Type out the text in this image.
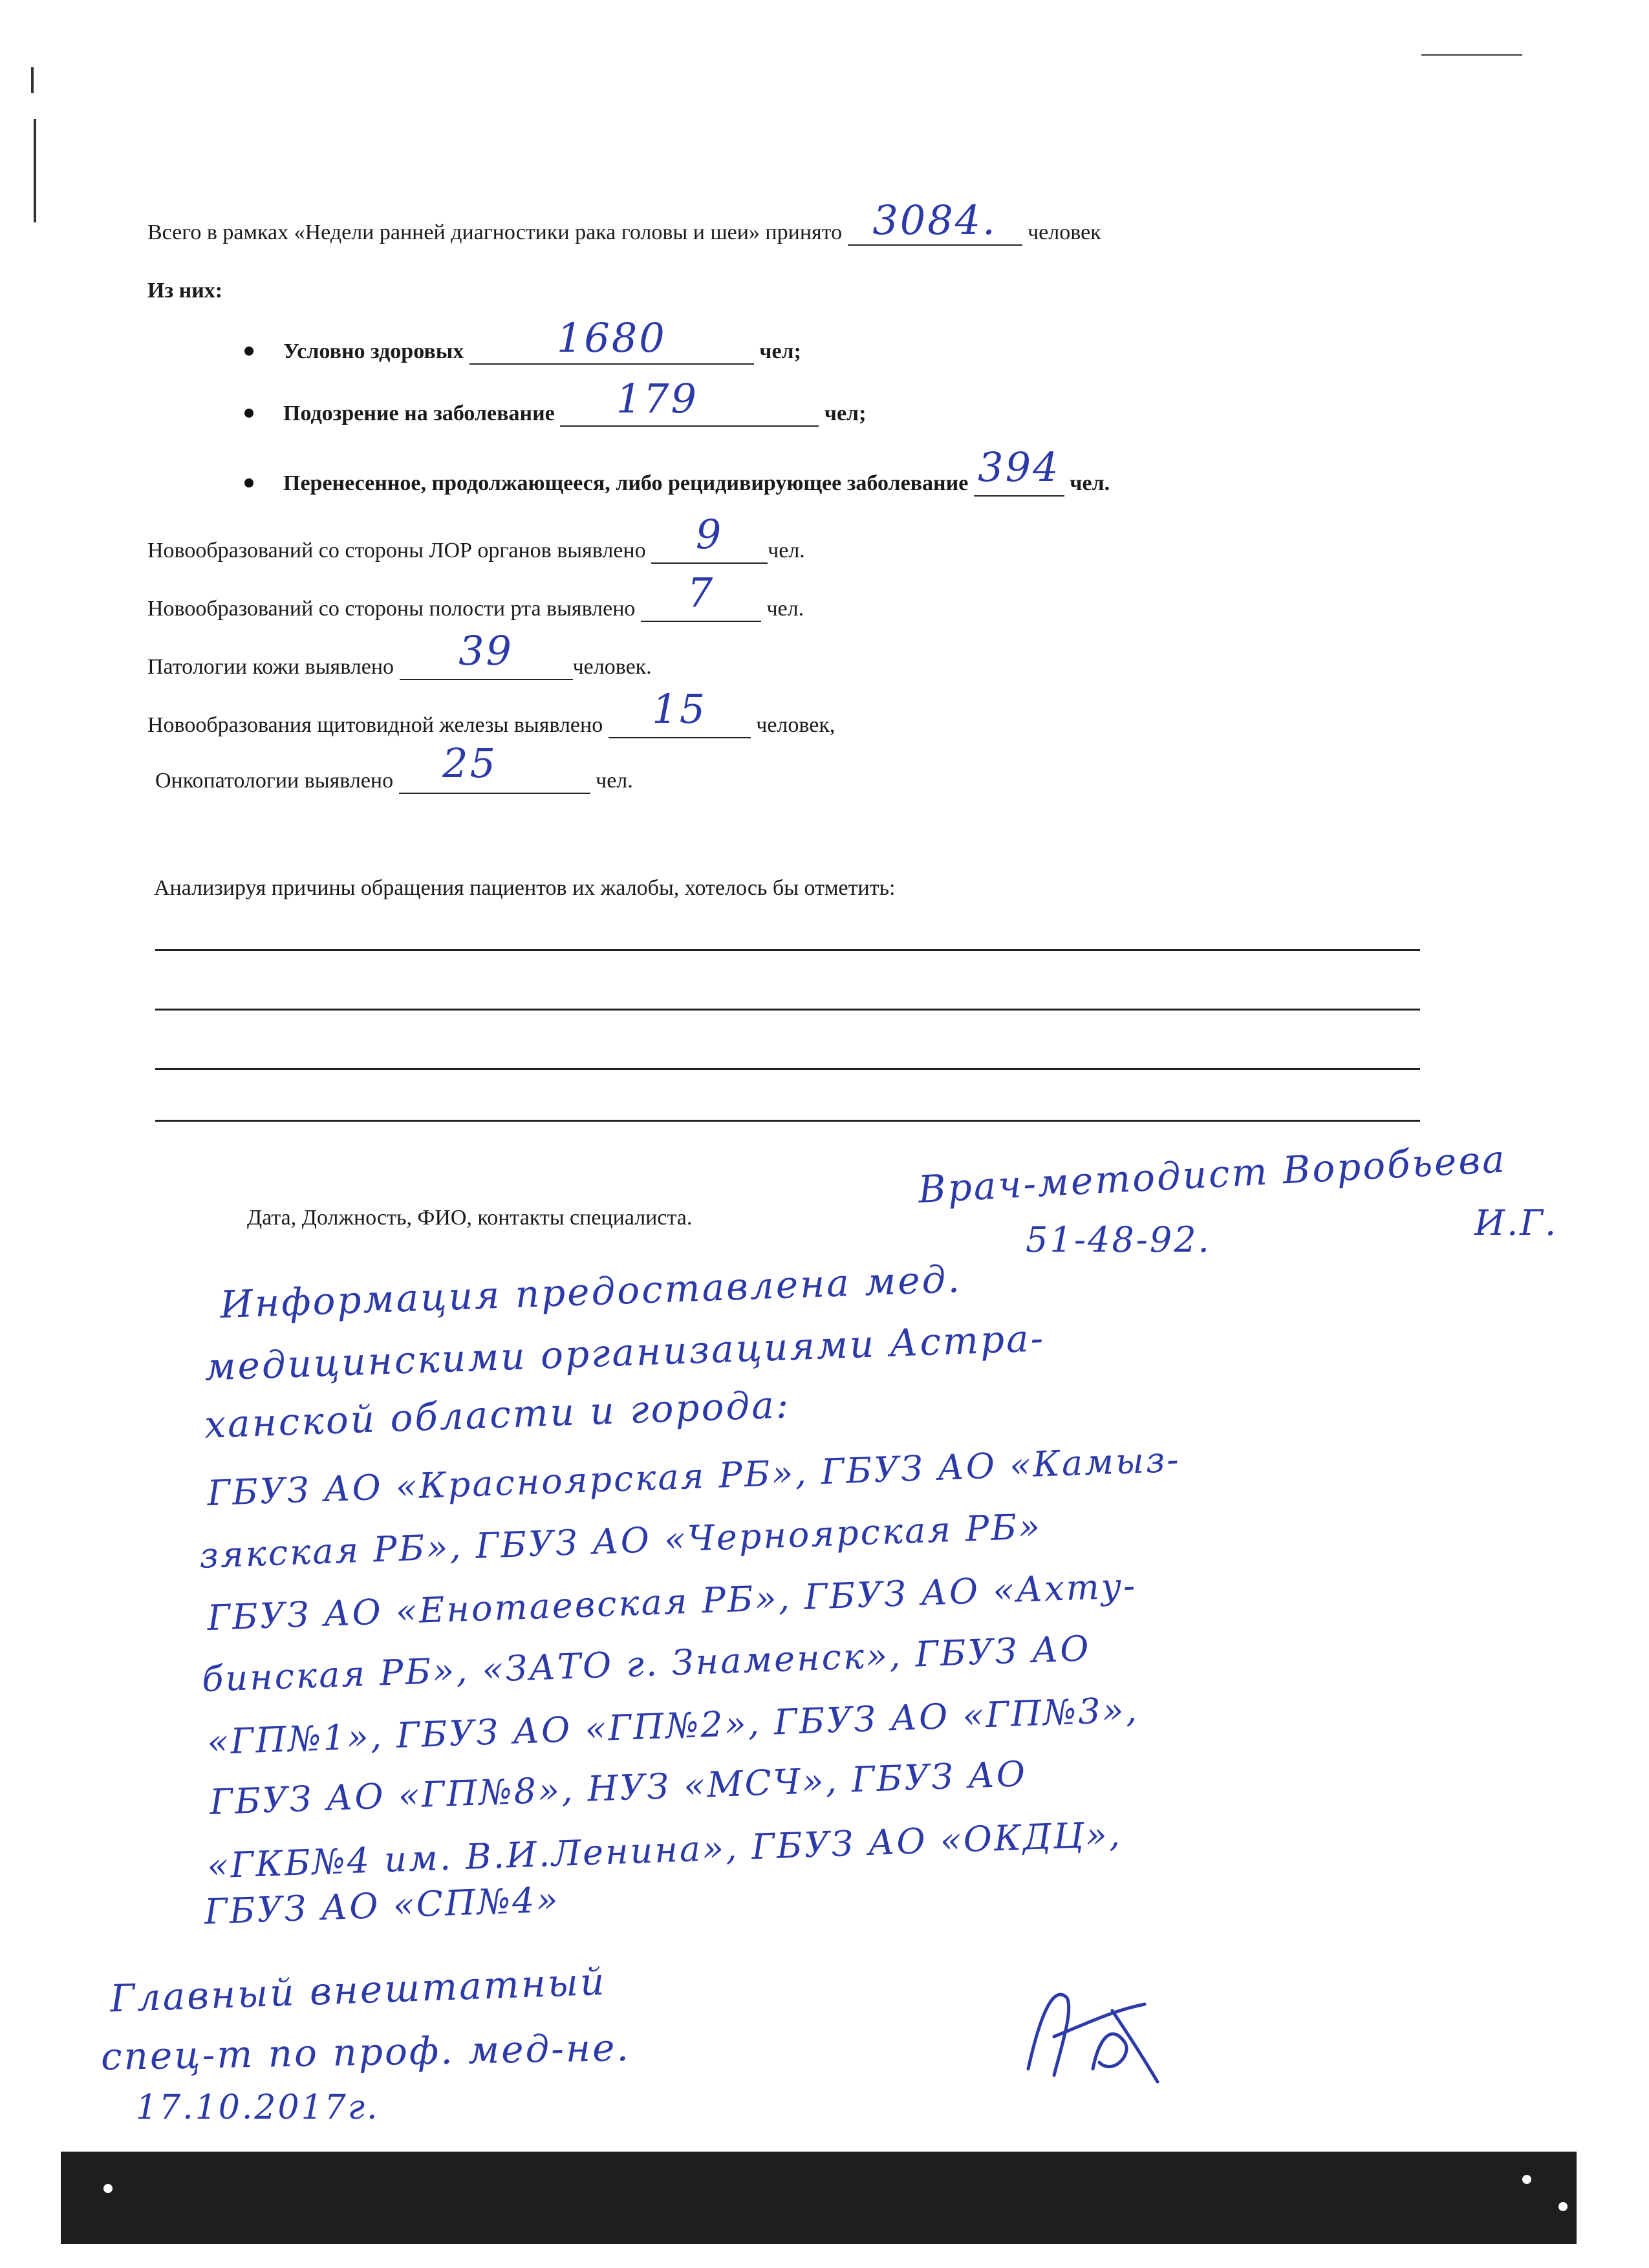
Всего в рамках «Недели ранней диагностики рака головы и шеи» принято 3084.	человек
Из них:
Условно здоровых	1680	чел;
Подозрение на заболевание	179	чел;
Перенесенное, продолжающееся, либо рецидивирующее заболевание 394 чел.
Новообразований со стороны ЛОР органов выявлено	9	чел.
Новообразований со стороны полости рта выявлено	7	чел.
Патологии кожи выявлено	39	человек.
Новообразования щитовидной железы выявлено	15	человек,
Онкопатологии выявлено	25	чел.
Анализируя причины обращения пациентов их жалобы, хотелось бы отметить:
Дата, Должность, ФИО, контакты специалиста.
Врач-методист Воробьева
51-48-92.	И.Г.
Информация предоставлена мед.
медицинскими организациями Астра-
ханской области и города:
ГБУЗ АО «Красноярская РБ», ГБУЗ АО «Камыз-
зякская РБ», ГБУЗ АО «Черноярская РБ»
ГБУЗ АО «Енотаевская РБ», ГБУЗ АО «Ахту-
бинская РБ», «ЗАТО г. Знаменск», ГБУЗ АО
«ГП№1», ГБУЗ АО «ГП№2», ГБУЗ АО «ГП№3»,
ГБУЗ АО «ГП№8», НУЗ «МСЧ», ГБУЗ АО
«ГКБ№4 им. В.И.Ленина», ГБУЗ АО «ОКДЦ»,
ГБУЗ АО «СП№4»
Главный внештатный
спец-т по проф. мед-не.
17.10.2017г.
